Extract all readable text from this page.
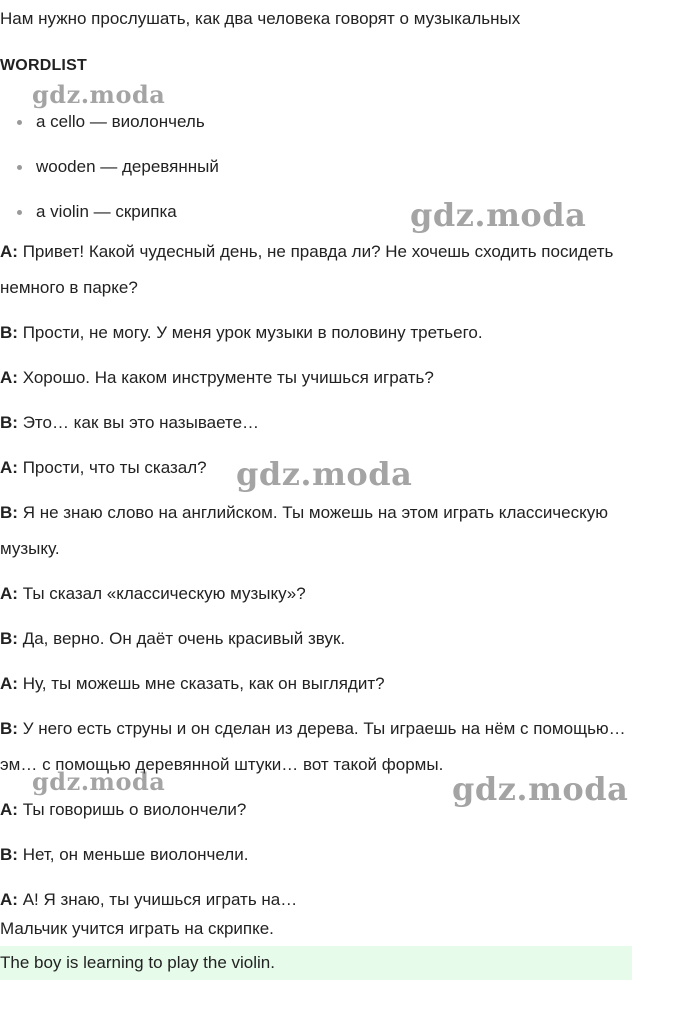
Нам нужно прослушать, как два человека говорят о музыкальных
WORDLIST
a cello — виолончель
wooden — деревянный
a violin — скрипка
A: Привет! Какой чудесный день, не правда ли? Не хочешь сходить посидеть немного в парке?
B: Прости, не могу. У меня урок музыки в половину третьего.
A: Хорошо. На каком инструменте ты учишься играть?
B: Это… как вы это называете…
A: Прости, что ты сказал?
B: Я не знаю слово на английском. Ты можешь на этом играть классическую музыку.
A: Ты сказал «классическую музыку»?
B: Да, верно. Он даёт очень красивый звук.
A: Ну, ты можешь мне сказать, как он выглядит?
B: У него есть струны и он сделан из дерева. Ты играешь на нём с помощью… эм… с помощью деревянной штуки… вот такой формы.
A: Ты говоришь о виолончели?
B: Нет, он меньше виолончели.
A: А! Я знаю, ты учишься играть на…
Мальчик учится играть на скрипке.
The boy is learning to play the violin.
gdz.moda
gdz.moda
gdz.moda
gdz.moda	gdz.moda
